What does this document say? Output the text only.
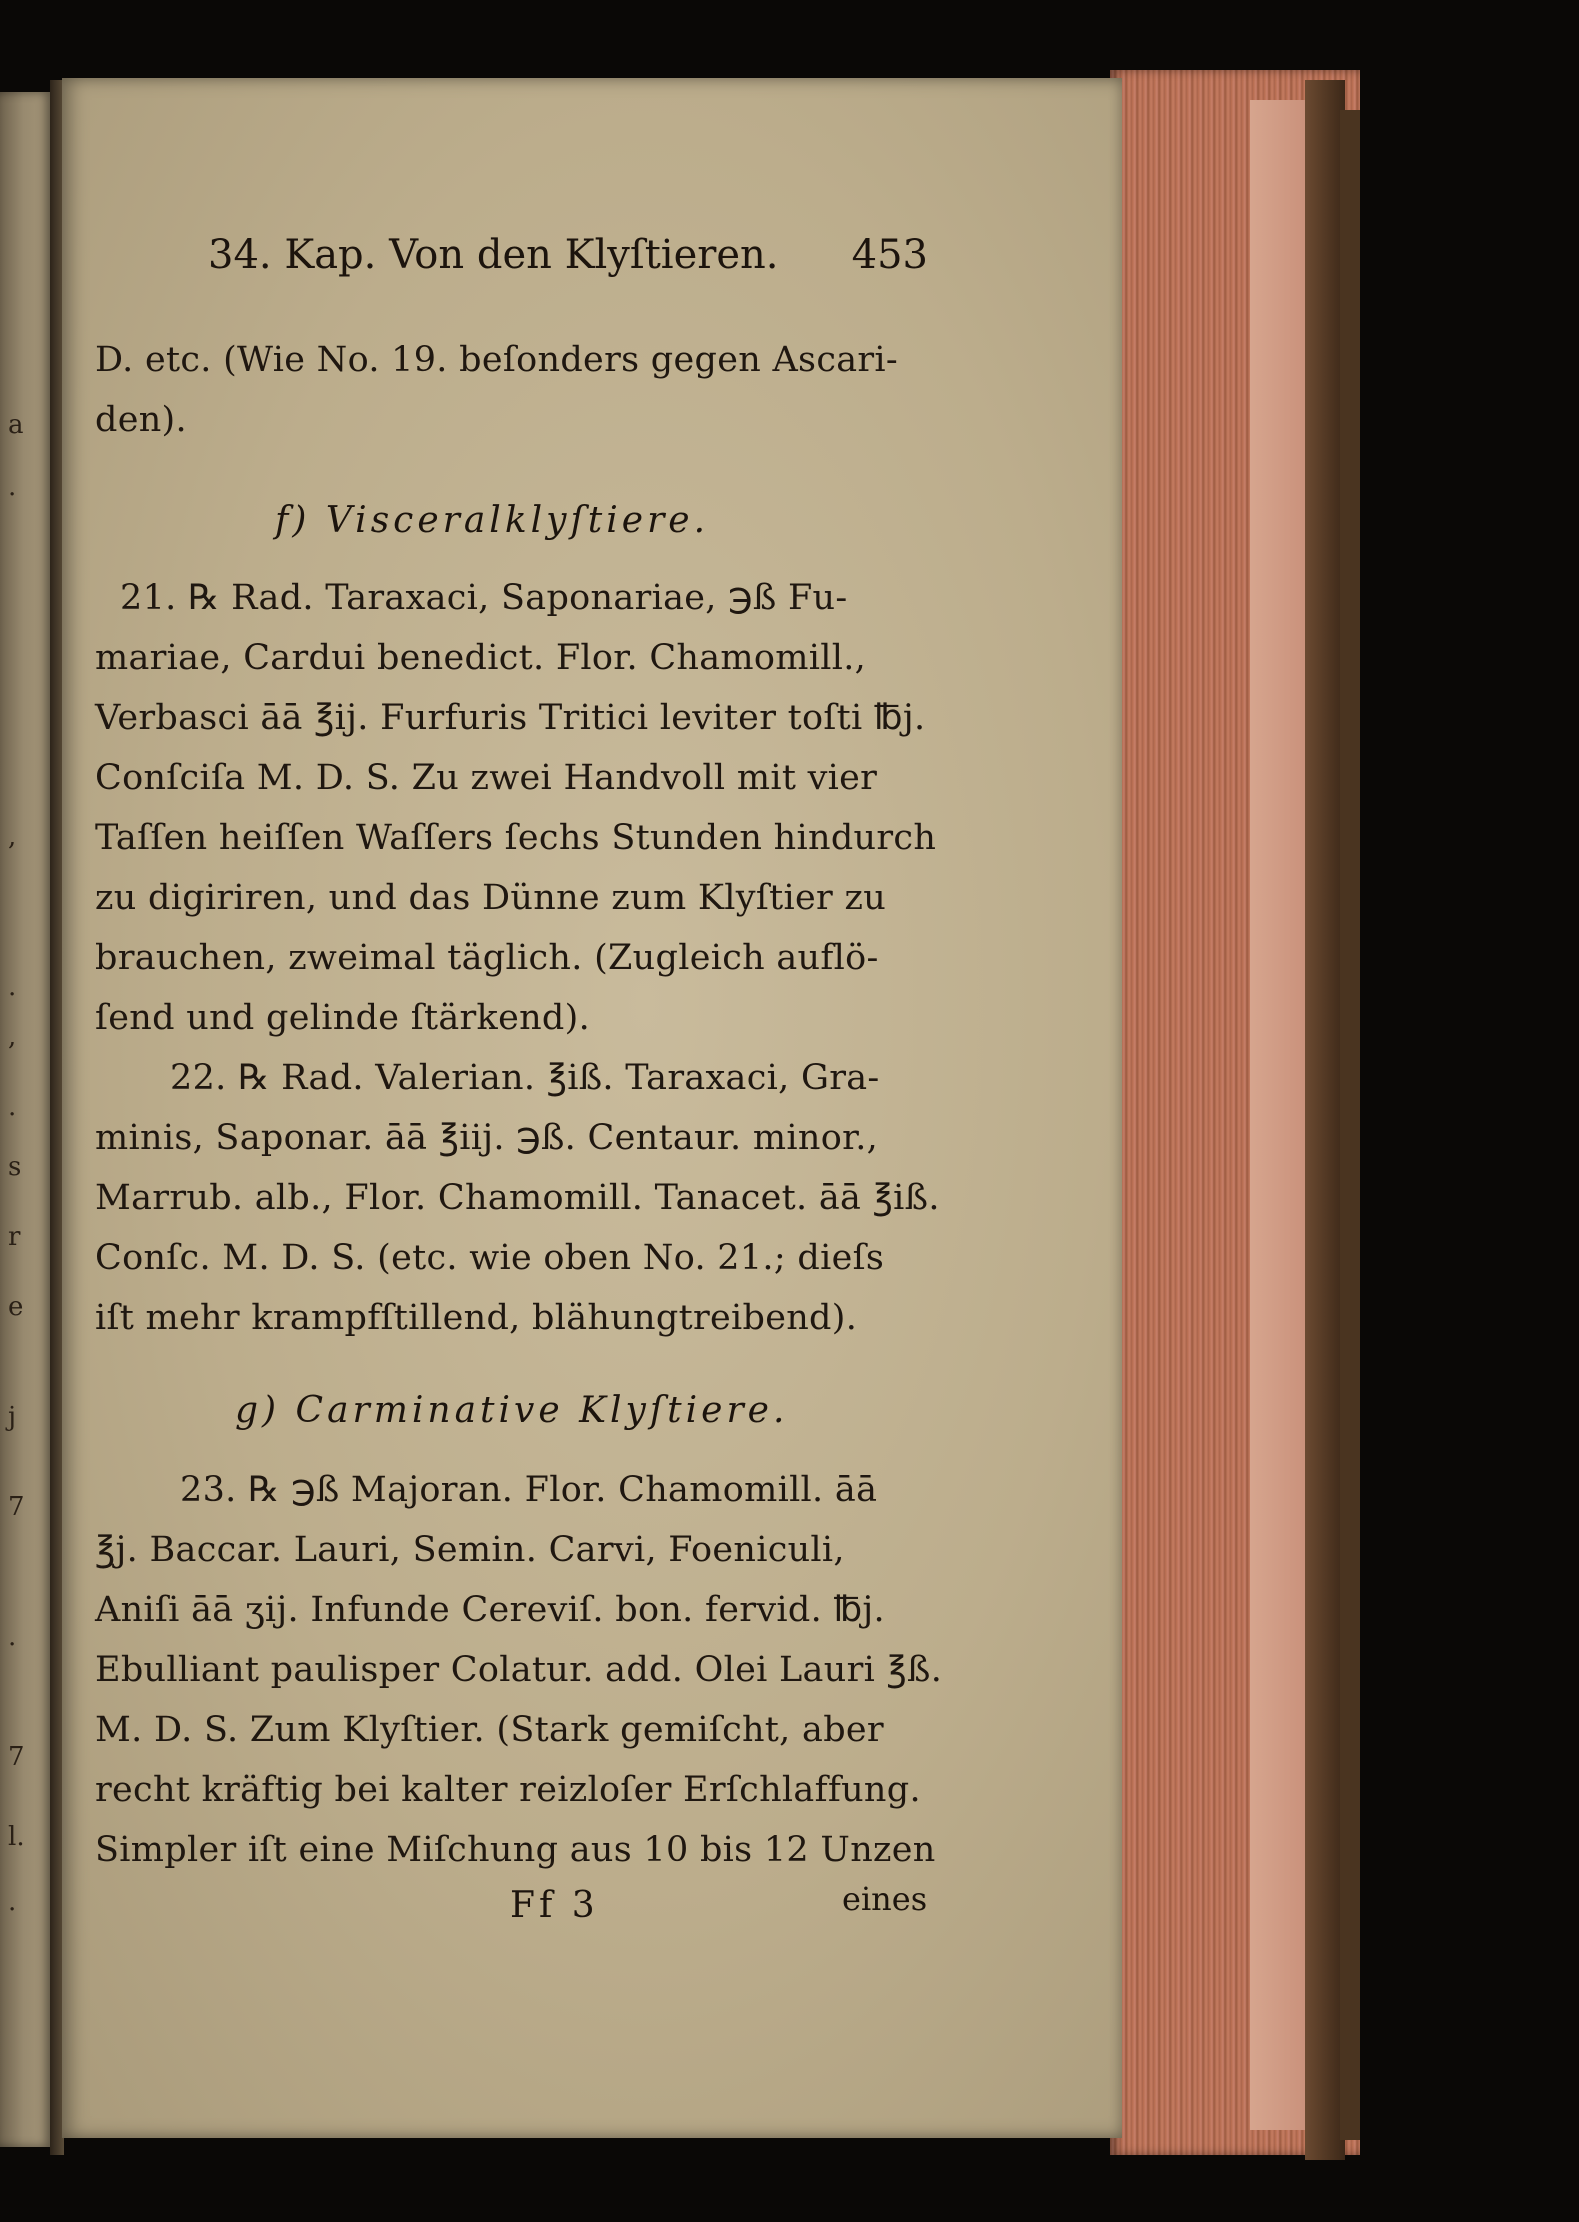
a
.
,
.
,
.
s
r
e
j
7
.
7
l.
.
34. Kap. Von den Klyſtieren. 453
D. etc. (Wie No. 19. beſonders gegen Ascari-
den).
f) Visceralklyſtiere.
21. ℞ Rad. Taraxaci, Saponariae, ℈ß Fu-
mariae, Cardui benedict. Flor. Chamomill.,
Verbasci āā ℥ij. Furfuris Tritici leviter toſti ℔j.
Conſciſa M. D. S. Zu zwei Handvoll mit vier
Taſſen heiſſen Waſſers ſechs Stunden hindurch
zu digiriren, und das Dünne zum Klyſtier zu
brauchen, zweimal täglich. (Zugleich auflö-
ſend und gelinde ſtärkend).
22. ℞ Rad. Valerian. ℥iß. Taraxaci, Gra-
minis, Saponar. āā ℥iij. ℈ß. Centaur. minor.,
Marrub. alb., Flor. Chamomill. Tanacet. āā ℥iß.
Conſc. M. D. S. (etc. wie oben No. 21.; dieſs
iſt mehr krampfſtillend, blähungtreibend).
g) Carminative Klyſtiere.
23. ℞ ℈ß Majoran. Flor. Chamomill. āā
℥j. Baccar. Lauri, Semin. Carvi, Foeniculi,
Aniſi āā ʒij. Infunde Cereviſ. bon. fervid. ℔j.
Ebulliant paulisper Colatur. add. Olei Lauri ℥ß.
M. D. S. Zum Klyſtier. (Stark gemiſcht, aber
recht kräftig bei kalter reizloſer Erſchlaffung.
Simpler iſt eine Miſchung aus 10 bis 12 Unzen
Ff 3	eines
